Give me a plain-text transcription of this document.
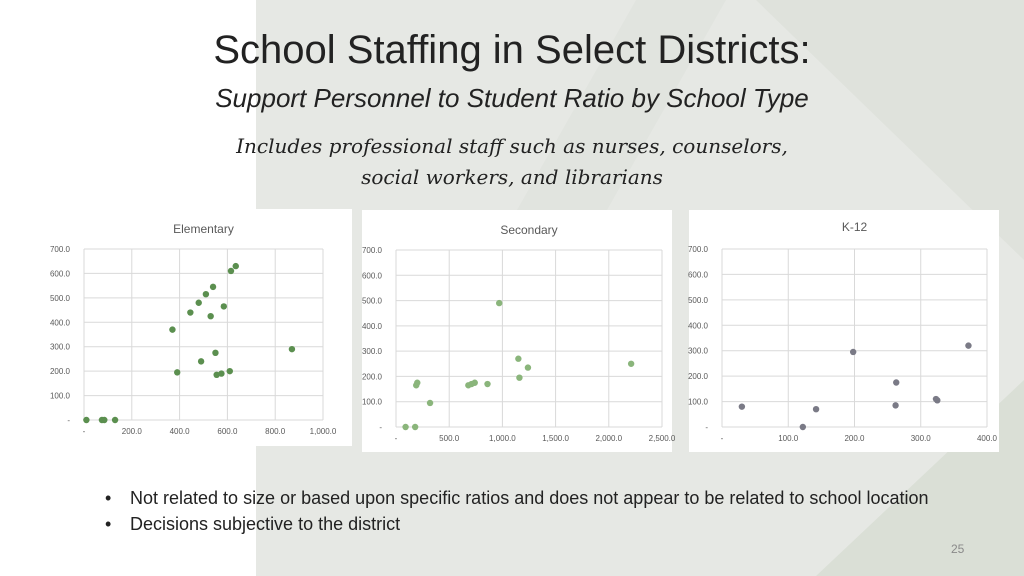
School Staffing in Select Districts:
Support Personnel to Student Ratio by School Type
Includes professional staff such as nurses, counselors,
social workers, and librarians
Elementary
-
100.0
200.0
300.0
400.0
500.0
600.0
700.0
-	200.0	400.0	600.0	800.0	1,000.0
Secondary
-
100.0
200.0
300.0
400.0
500.0
600.0
700.0
-	500.0	1,000.0	1,500.0	2,000.0	2,500.0
K-12
-
100.0
200.0
300.0
400.0
500.0
600.0
700.0
-	100.0	200.0	300.0	400.0
• Not related to size or based upon specific ratios and does not appear to be related to school location
• Decisions subjective to the district
25
